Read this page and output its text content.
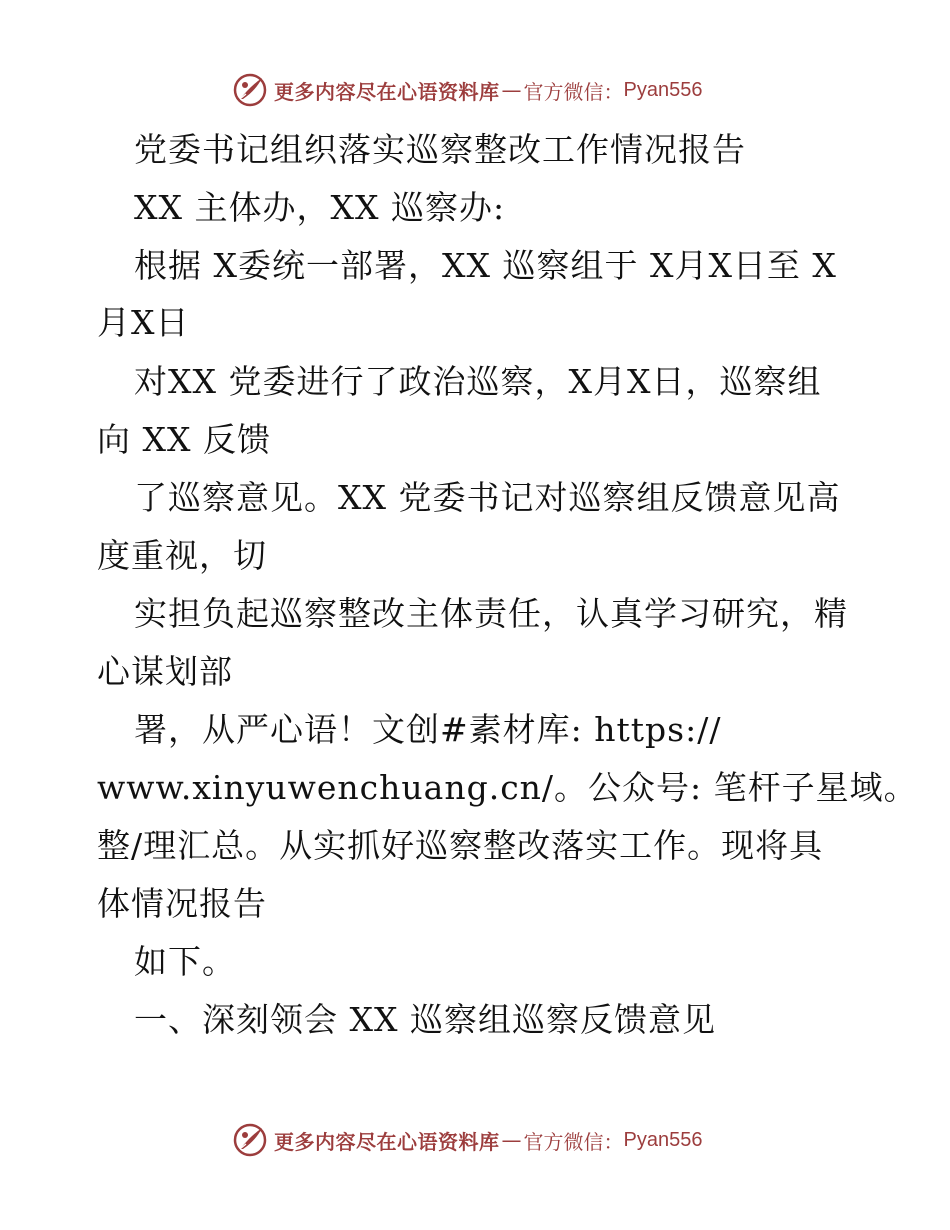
更多内容尽在心语资料库 — 官方微信： Pyan556
党委书记组织落实巡察整改工作情况报告
XX 主体办，XX 巡察办:
根据 X委统一部署，XX 巡察组于 X月X日至 X
月X日
对XX 党委进行了政治巡察，X月X日，巡察组
向 XX 反馈
了巡察意见。XX 党委书记对巡察组反馈意见高
度重视，切
实担负起巡察整改主体责任，认真学习研究，精
心谋划部
署，从严心语！文创#素材库: https://
www.xinyuwenchuang.cn/。公众号: 笔杆子星域。
整/理汇总。从实抓好巡察整改落实工作。现将具
体情况报告
如下。
一、深刻领会 XX 巡察组巡察反馈意见
更多内容尽在心语资料库 — 官方微信： Pyan556
